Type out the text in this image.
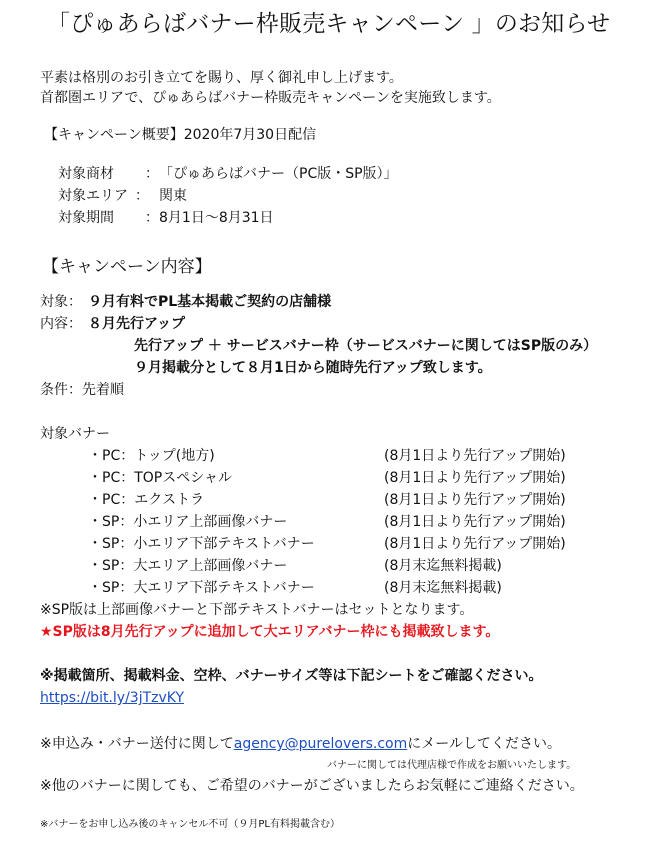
「ぴゅあらばバナー枠販売キャンペーン 」のお知らせ
平素は格別のお引き立てを賜り、厚く御礼申し上げます。
首都圏エリアで、ぴゅあらばバナー枠販売キャンペーンを実施致します。
【キャンペーン概要】2020年7月30日配信
対象商材 ： 「ぴゅあらばバナー（PC版・SP版）」
対象エリア ： 関東
対象期間 ： 8月1日〜8月31日
【キャンペーン内容】
対象： ９月有料でPL基本掲載ご契約の店舗様
内容： ８月先行アップ
先行アップ ＋ サービスバナー枠（サービスバナーに関してはSP版のみ）
９月掲載分として８月1日から随時先行アップ致します。
条件：先着順
対象バナー
・PC：トップ(地方)	(8月1日より先行アップ開始)
・PC：TOPスペシャル	(8月1日より先行アップ開始)
・PC：エクストラ	(8月1日より先行アップ開始)
・SP：小エリア上部画像バナー	(8月1日より先行アップ開始)
・SP：小エリア下部テキストバナー	(8月1日より先行アップ開始)
・SP：大エリア上部画像バナー	(8月末迄無料掲載)
・SP：大エリア下部テキストバナー	(8月末迄無料掲載)
※SP版は上部画像バナーと下部テキストバナーはセットとなります。
★SP版は8月先行アップに追加して大エリアバナー枠にも掲載致します。
※掲載箇所、掲載料金、空枠、バナーサイズ等は下記シートをご確認ください。
https://bit.ly/3jTzvKY
※申込み・バナー送付に関してagency@purelovers.comにメールしてください。
バナーに関しては代理店様で作成をお願いいたします。
※他のバナーに関しても、ご希望のバナーがございましたらお気軽にご連絡ください。
※バナーをお申し込み後のキャンセル不可（９月PL有料掲載含む）
